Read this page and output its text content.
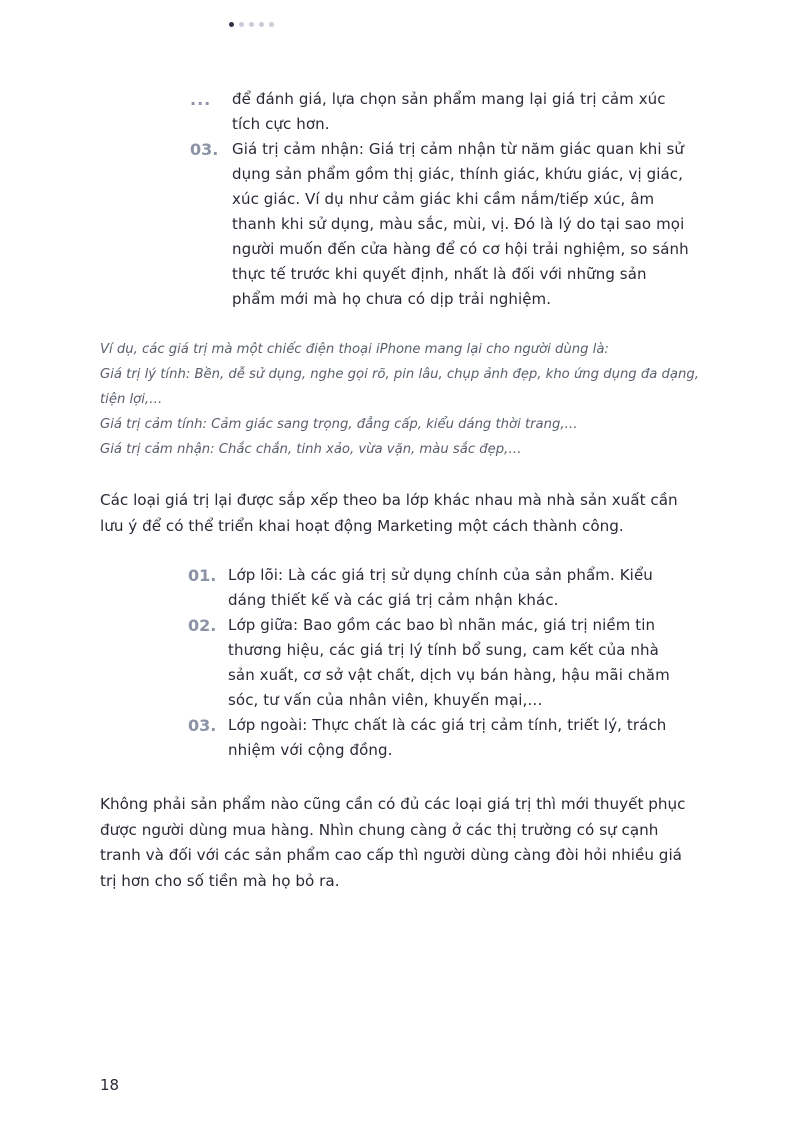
...	để đánh giá, lựa chọn sản phẩm mang lại giá trị cảm xúc tích cực hơn.
03. Giá trị cảm nhận: Giá trị cảm nhận từ năm giác quan khi sử dụng sản phẩm gồm thị giác, thính giác, khứu giác, vị giác, xúc giác. Ví dụ như cảm giác khi cầm nắm/tiếp xúc, âm thanh khi sử dụng, màu sắc, mùi, vị. Đó là lý do tại sao mọi người muốn đến cửa hàng để có cơ hội trải nghiệm, so sánh thực tế trước khi quyết định, nhất là đối với những sản phẩm mới mà họ chưa có dịp trải nghiệm.

Ví dụ, các giá trị mà một chiếc điện thoại iPhone mang lại cho người dùng là:

Giá trị lý tính: Bền, dễ sử dụng, nghe gọi rõ, pin lâu, chụp ảnh đẹp, kho ứng dụng đa dạng, tiện lợi,…

Giá trị cảm tính: Cảm giác sang trọng, đẳng cấp, kiểu dáng thời trang,…

Giá trị cảm nhận: Chắc chắn, tinh xảo, vừa vặn, màu sắc đẹp,…

Các loại giá trị lại được sắp xếp theo ba lớp khác nhau mà nhà sản xuất cần lưu ý để có thể triển khai hoạt động Marketing một cách thành công.

01. Lớp lõi: Là các giá trị sử dụng chính của sản phẩm. Kiểu dáng thiết kế và các giá trị cảm nhận khác.
02. Lớp giữa: Bao gồm các bao bì nhãn mác, giá trị niềm tin thương hiệu, các giá trị lý tính bổ sung, cam kết của nhà sản xuất, cơ sở vật chất, dịch vụ bán hàng, hậu mãi chăm sóc, tư vấn của nhân viên, khuyến mại,…
03. Lớp ngoài: Thực chất là các giá trị cảm tính, triết lý, trách nhiệm với cộng đồng.

Không phải sản phẩm nào cũng cần có đủ các loại giá trị thì mới thuyết phục được người dùng mua hàng. Nhìn chung càng ở các thị trường có sự cạnh tranh và đối với các sản phẩm cao cấp thì người dùng càng đòi hỏi nhiều giá trị hơn cho số tiền mà họ bỏ ra.

18
